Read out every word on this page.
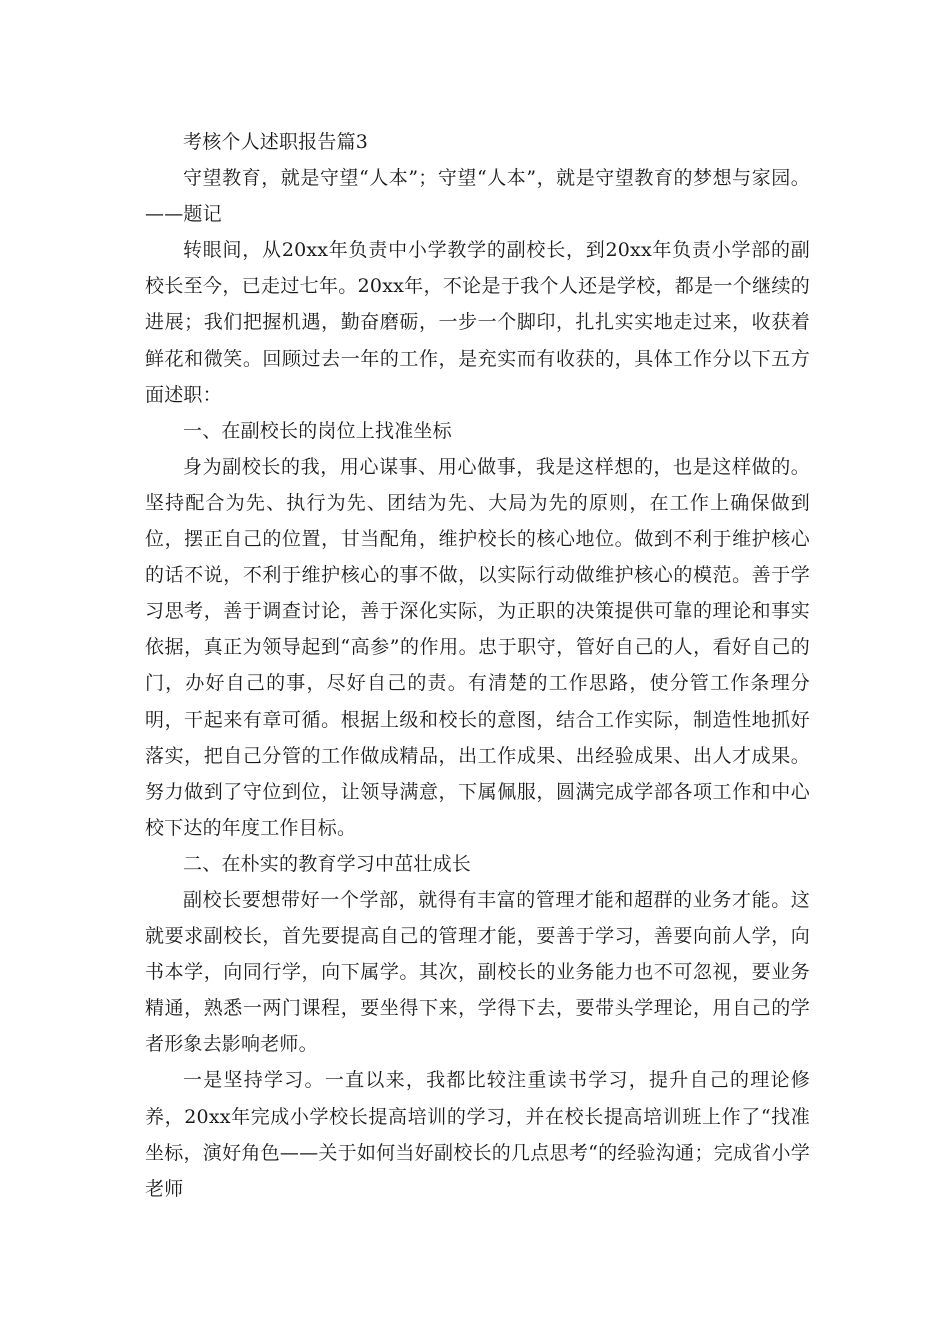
考核个人述职报告篇3

守望教育，就是守望“人本”；守望“人本”，就是守望教育的梦想与家园。——题记

转眼间，从20xx年负责中小学教学的副校长，到20xx年负责小学部的副校长至今，已走过七年。20xx年，不论是于我个人还是学校，都是一个继续的进展；我们把握机遇，勤奋磨砺，一步一个脚印，扎扎实实地走过来，收获着鲜花和微笑。回顾过去一年的工作，是充实而有收获的，具体工作分以下五方面述职：

一、在副校长的岗位上找准坐标

身为副校长的我，用心谋事、用心做事，我是这样想的，也是这样做的。坚持配合为先、执行为先、团结为先、大局为先的原则，在工作上确保做到位，摆正自己的位置，甘当配角，维护校长的核心地位。做到不利于维护核心的话不说，不利于维护核心的事不做，以实际行动做维护核心的模范。善于学习思考，善于调查讨论，善于深化实际，为正职的决策提供可靠的理论和事实依据，真正为领导起到“高参”的作用。忠于职守，管好自己的人，看好自己的门，办好自己的事，尽好自己的责。有清楚的工作思路，使分管工作条理分明，干起来有章可循。根据上级和校长的意图，结合工作实际，制造性地抓好落实，把自己分管的工作做成精品，出工作成果、出经验成果、出人才成果。努力做到了守位到位，让领导满意，下属佩服，圆满完成学部各项工作和中心校下达的年度工作目标。

二、在朴实的教育学习中茁壮成长

副校长要想带好一个学部，就得有丰富的管理才能和超群的业务才能。这就要求副校长，首先要提高自己的管理才能，要善于学习，善要向前人学，向书本学，向同行学，向下属学。其次，副校长的业务能力也不可忽视，要业务精通，熟悉一两门课程，要坐得下来，学得下去，要带头学理论，用自己的学者形象去影响老师。

一是坚持学习。一直以来，我都比较注重读书学习，提升自己的理论修养，20xx年完成小学校长提高培训的学习，并在校长提高培训班上作了“找准坐标，演好角色——关于如何当好副校长的几点思考“的经验沟通；完成省小学老师
